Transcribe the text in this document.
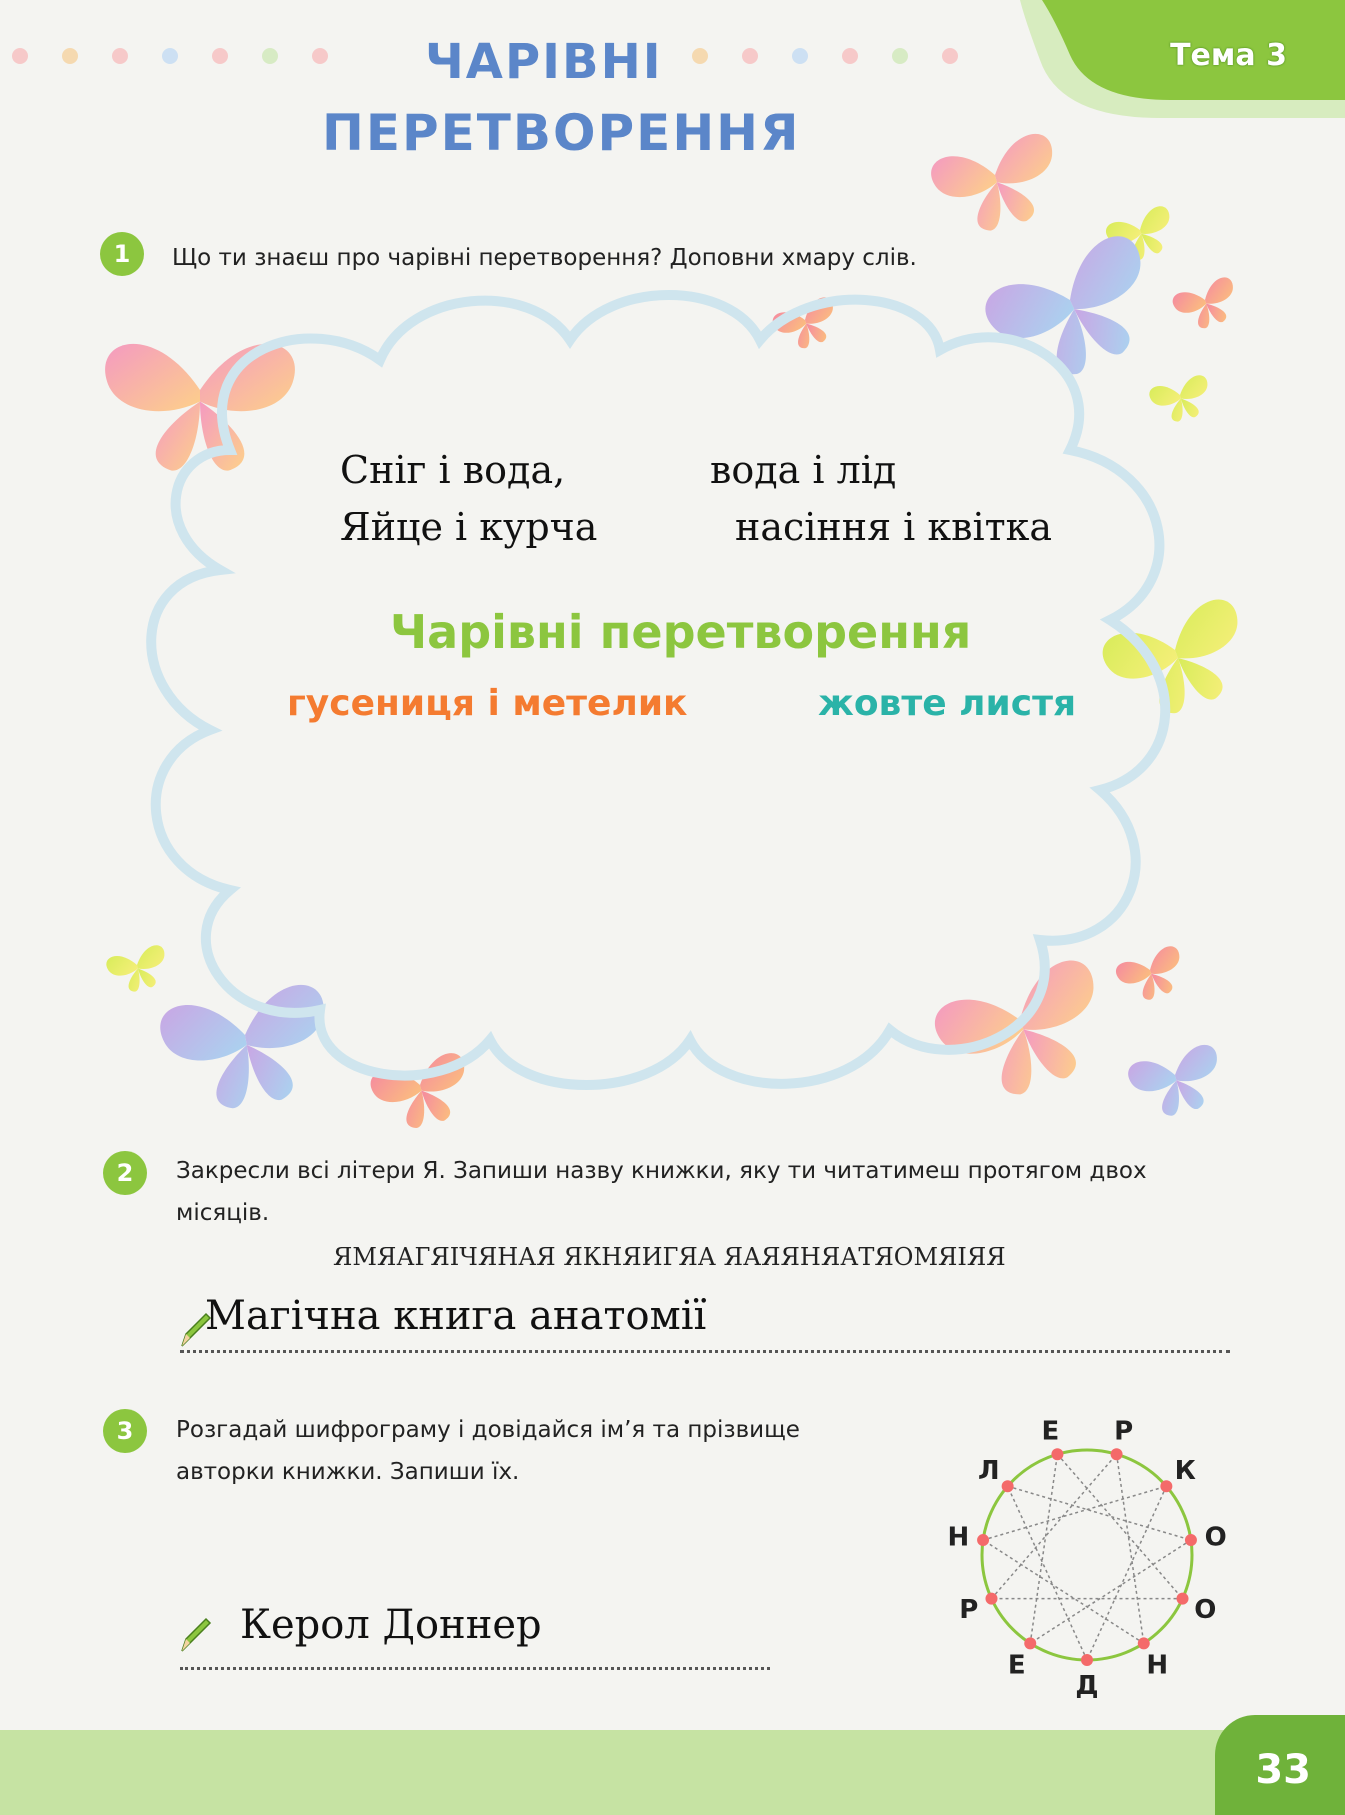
ЧАРІВНІ
ПЕРЕТВОРЕННЯ
Тема 3
1	Що ти знаєш про чарівні перетворення? Доповни хмару слів.
Сніг і вода,	вода і лід
Яйце і курча	насіння і квітка
Чарівні перетворення
гусениця і метелик	жовте листя
2	Закресли всі літери Я. Запиши назву книжки, яку ти читатимеш протягом двох
місяців.
ЯМЯАГЯІЧЯНАЯ ЯКНЯИГЯА ЯАЯЯНЯАТЯОМЯІЯЯ
Магічна книга анатомії
3	Розгадай шифрограму і довідайся ім’я та прізвище
авторки книжки. Запиши їх.
Керол Доннер
Е Р
К
О
О
Н
Д
Е
Р
Н
Л
33
